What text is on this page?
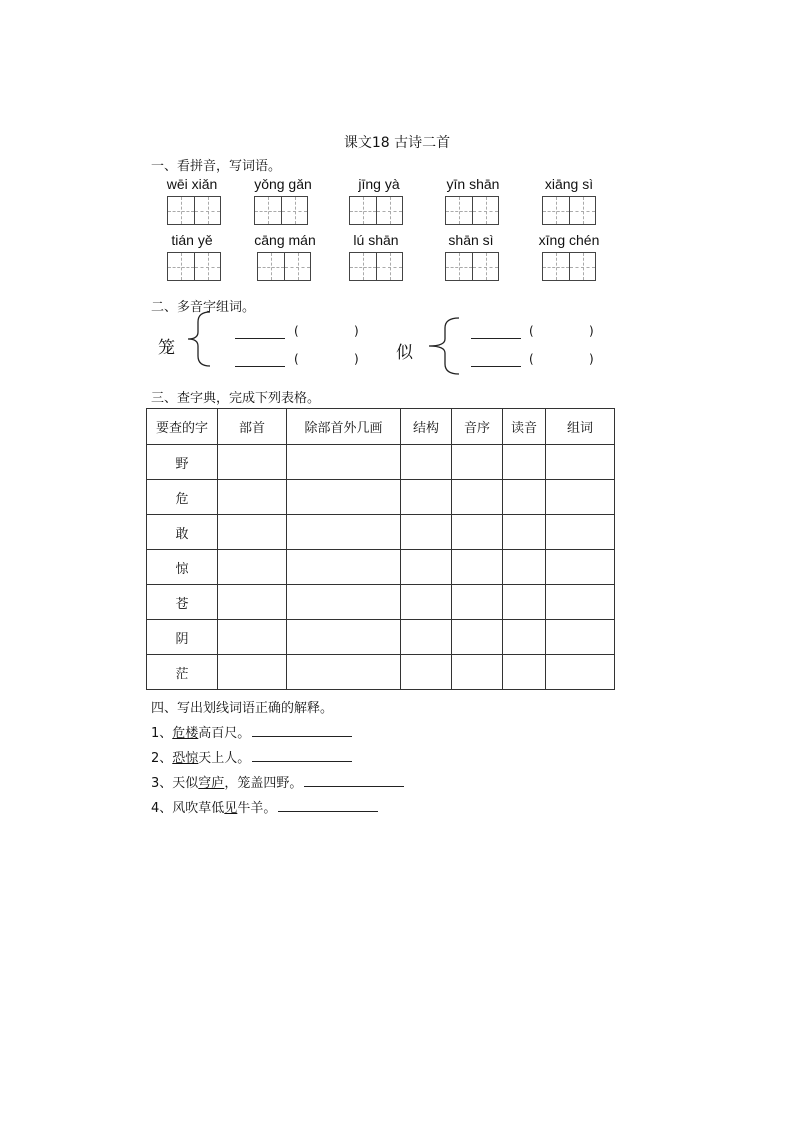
课文18 古诗二首
一、看拼音，写词语。
wēi xiǎn	yǒng gǎn	jīng yà	yīn shān	xiāng sì
tián yě	cāng mán	lú shān	shān sì	xīng chén
二、多音字组词。
笼
(	)
(	) 似
(	)
(	)
三、查字典，完成下列表格。
要查的字	部首	除部首外几画	结构	音序	读音	组词
野						
危						
敢						
惊						
苍						
阴						
茫						
四、写出划线词语正确的解释。
1、危楼高百尺。
2、恐惊天上人。
3、天似穹庐，笼盖四野。
4、风吹草低见牛羊。
